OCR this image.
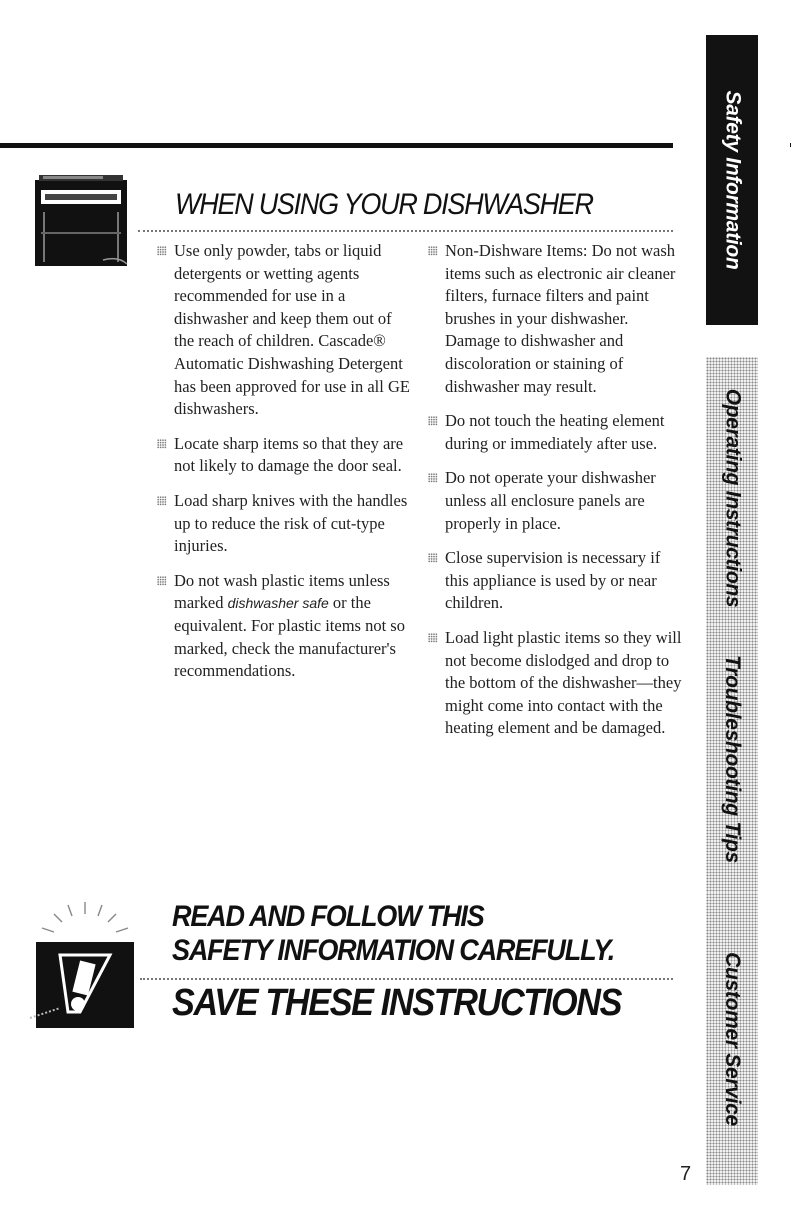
Safety Information
Operating Instructions
Troubleshooting Tips
Customer Service
WHEN USING YOUR DISHWASHER

Use only powder, tabs or liquid detergents or wetting agents recommended for use in a dishwasher and keep them out of the reach of children. Cascade® Automatic Dishwashing Detergent has been approved for use in all GE dishwashers.

Locate sharp items so that they are not likely to damage the door seal.

Load sharp knives with the handles up to reduce the risk of cut-type injuries.

Do not wash plastic items unless marked dishwasher safe or the equivalent. For plastic items not so marked, check the manufacturer's recommendations.

Non-Dishware Items: Do not wash items such as electronic air cleaner filters, furnace filters and paint brushes in your dishwasher. Damage to dishwasher and discoloration or staining of dishwasher may result.

Do not touch the heating element during or immediately after use.

Do not operate your dishwasher unless all enclosure panels are properly in place.

Close supervision is necessary if this appliance is used by or near children.

Load light plastic items so they will not become dislodged and drop to the bottom of the dishwasher—they might come into contact with the heating element and be damaged.

READ AND FOLLOW THIS

SAFETY INFORMATION CAREFULLY.

SAVE THESE INSTRUCTIONS

7
